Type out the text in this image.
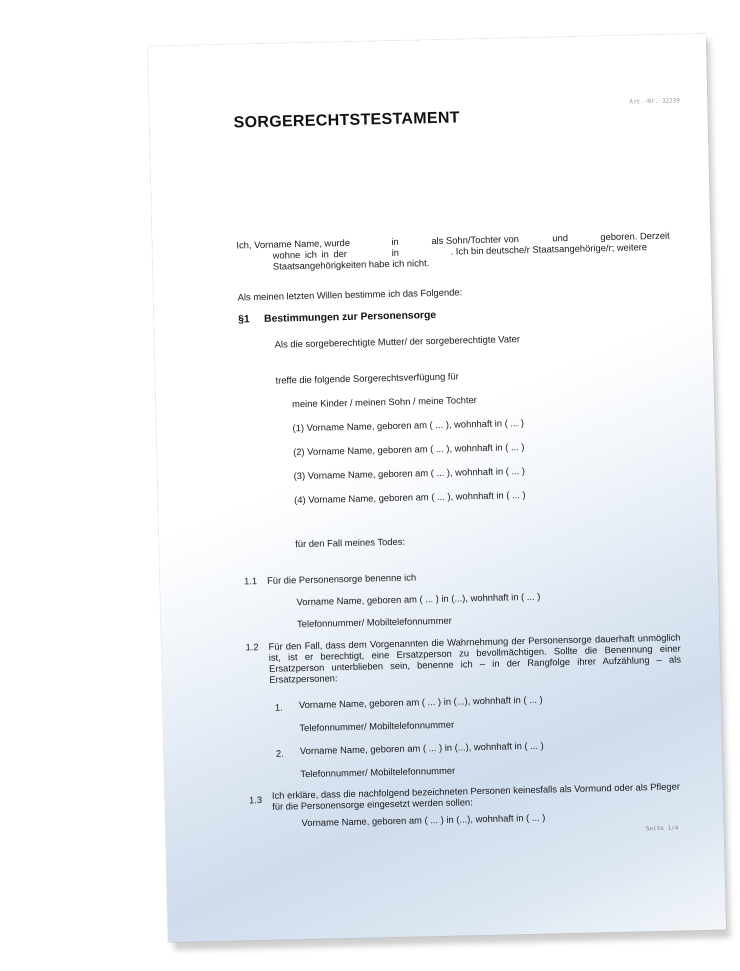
Art.-Nr. 32239
SORGERECHTSTESTAMENT
Ich, Vorname Name, wurde	in	als Sohn/Tochter von	und	geboren. Derzeit
wohne ich in der	in	. Ich bin deutsche/r Staatsangehörige/r; weitere
Staatsangehörigkeiten habe ich nicht.
Als meinen letzten Willen bestimme ich das Folgende:
§1 Bestimmungen zur Personensorge
Als die sorgeberechtigte Mutter/ der sorgeberechtigte Vater
treffe die folgende Sorgerechtsverfügung für
meine Kinder / meinen Sohn / meine Tochter
(1) Vorname Name, geboren am ( ... ), wohnhaft in ( ... )
(2) Vorname Name, geboren am ( ... ), wohnhaft in ( ... )
(3) Vorname Name, geboren am ( ... ), wohnhaft in ( ... )
(4) Vorname Name, geboren am ( ... ), wohnhaft in ( ... )
für den Fall meines Todes:
1.1 Für die Personensorge benenne ich
Vorname Name, geboren am ( ... ) in (...), wohnhaft in ( ... )
Telefonnummer/ Mobiltelefonnummer
1.2 Für den Fall, dass dem Vorgenannten die Wahrnehmung der Personensorge dauerhaft unmöglich ist, ist er berechtigt, eine Ersatzperson zu bevollmächtigen. Sollte die Benennung einer Ersatzperson unterblieben sein, benenne ich – in der Rangfolge ihrer Aufzählung – als Ersatzpersonen:
1. Vorname Name, geboren am ( ... ) in (...), wohnhaft in ( ... )
Telefonnummer/ Mobiltelefonnummer
2. Vorname Name, geboren am ( ... ) in (...), wohnhaft in ( ... )
Telefonnummer/ Mobiltelefonnummer
1.3 Ich erkläre, dass die nachfolgend bezeichneten Personen keinesfalls als Vormund oder als Pfleger für die Personensorge eingesetzt werden sollen:
Vorname Name, geboren am ( ... ) in (...), wohnhaft in ( ... )
Seite 1/4
